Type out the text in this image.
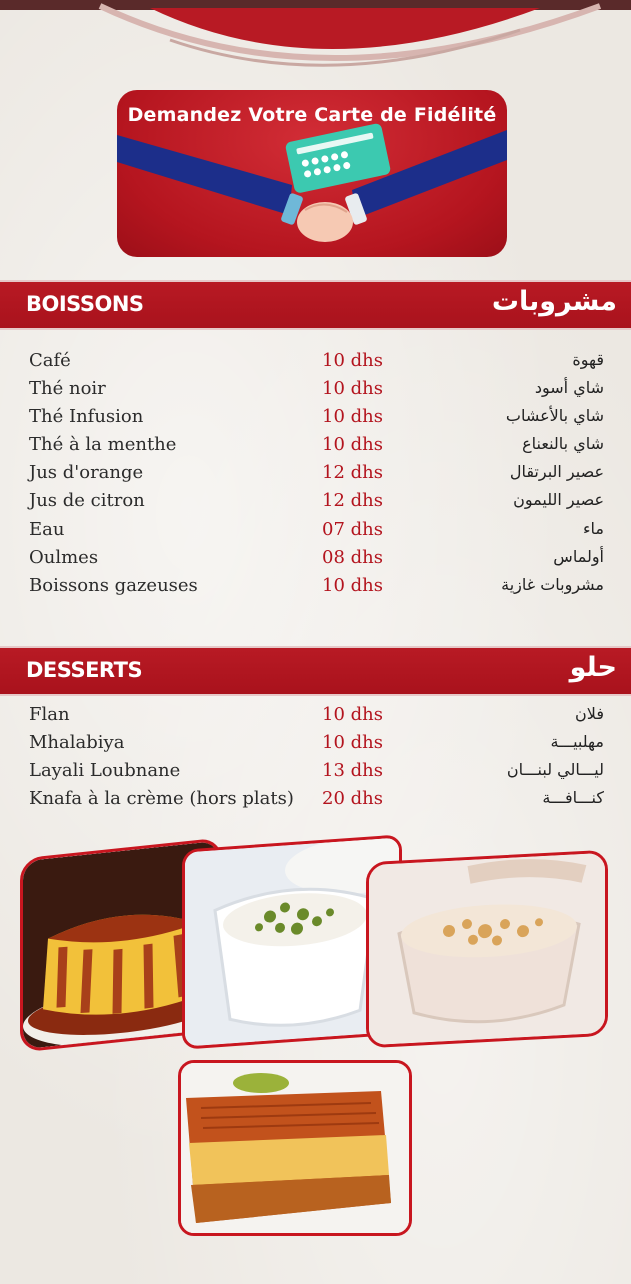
Demandez Votre Carte de Fidélité
BOISSONS	مشروبات
Café	10 dhs	قهوة
Thé noir	10 dhs	شاي أسود
Thé Infusion	10 dhs	شاي بالأعشاب
Thé à la menthe	10 dhs	شاي بالنعناع
Jus d'orange	12 dhs	عصير البرتقال
Jus de citron	12 dhs	عصير الليمون
Eau	07 dhs	ماء
Oulmes	08 dhs	أولماس
Boissons gazeuses	10 dhs	مشروبات غازية
DESSERTS	حلو
Flan	10 dhs	فلان
Mhalabiya	10 dhs	مهلبيـــة
Layali Loubnane	13 dhs	ليـــالي لبنـــان
Knafa à la crème (hors plats) 20 dhs	كنـــافـــة
